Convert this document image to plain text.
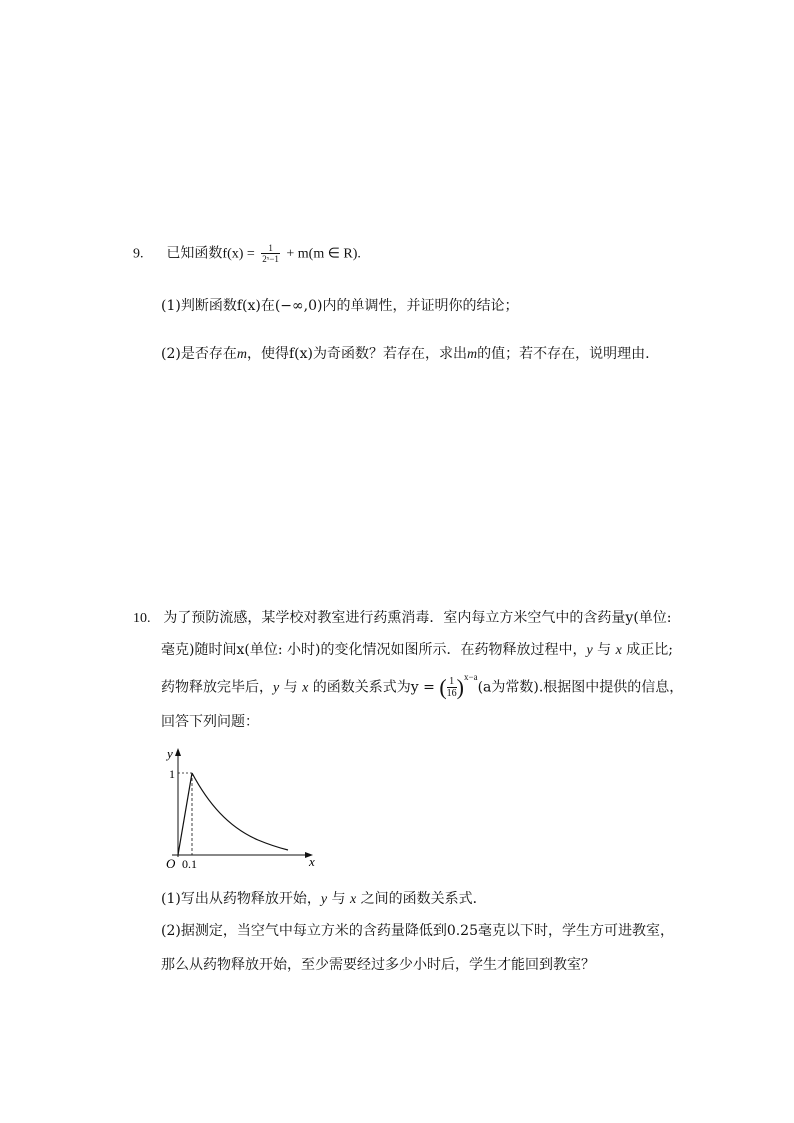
9. 已知函数$f(x) = \frac{1}{\text{2ˣ−1}} + m(m$ ∈ R).
(1)判断函数f(x)在(−∞,0)内的单调性，并证明你的结论；
(2)是否存在m，使得f(x)为奇函数？若存在，求出m的值；若不存在，说明理由.
10. 为了预防流感，某学校对教室进行药熏消毒．室内每立方米空气中的含药量y(单位:
毫克)随时间x(单位: 小时)的变化情况如图所示．在药物释放过程中，y 与 x 成正比;
药物释放完毕后，y 与 x 的函数关系式为y = ( $\frac{1}{16} )^{x-a}(a$为常数).根据图中提供的信息，
回答下列问题：
y
x
O
1
0.1
(1)写出从药物释放开始，y 与 x 之间的函数关系式．
(2)据测定，当空气中每立方米的含药量降低到0.25毫克以下时，学生方可进教室，
那么从药物释放开始，至少需要经过多少小时后，学生才能回到教室？
